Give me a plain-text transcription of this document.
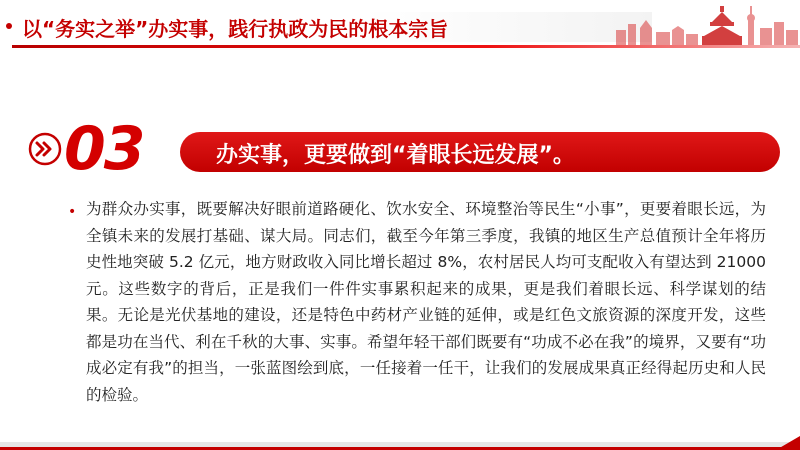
以“务实之举”办实事，践行执政为民的根本宗旨
03	办实事，更要做到“着眼长远发展”。
• 为群众办实事，既要解决好眼前道路硬化、饮水安全、环境整治等民生“小事”，更要着眼长远，为全镇未来的发展打基础、谋大局。同志们，截至今年第三季度，我镇的地区生产总值预计全年将历史性地突破 5.2 亿元，地方财政收入同比增长超过 8%，农村居民人均可支配收入有望达到 21000 元。这些数字的背后，正是我们一件件实事累积起来的成果，更是我们着眼长远、科学谋划的结果。无论是光伏基地的建设，还是特色中药材产业链的延伸，或是红色文旅资源的深度开发，这些都是功在当代、利在千秋的大事、实事。希望年轻干部们既要有“功成不必在我”的境界，又要有“功成必定有我”的担当，一张蓝图绘到底，一任接着一任干，让我们的发展成果真正经得起历史和人民的检验。
